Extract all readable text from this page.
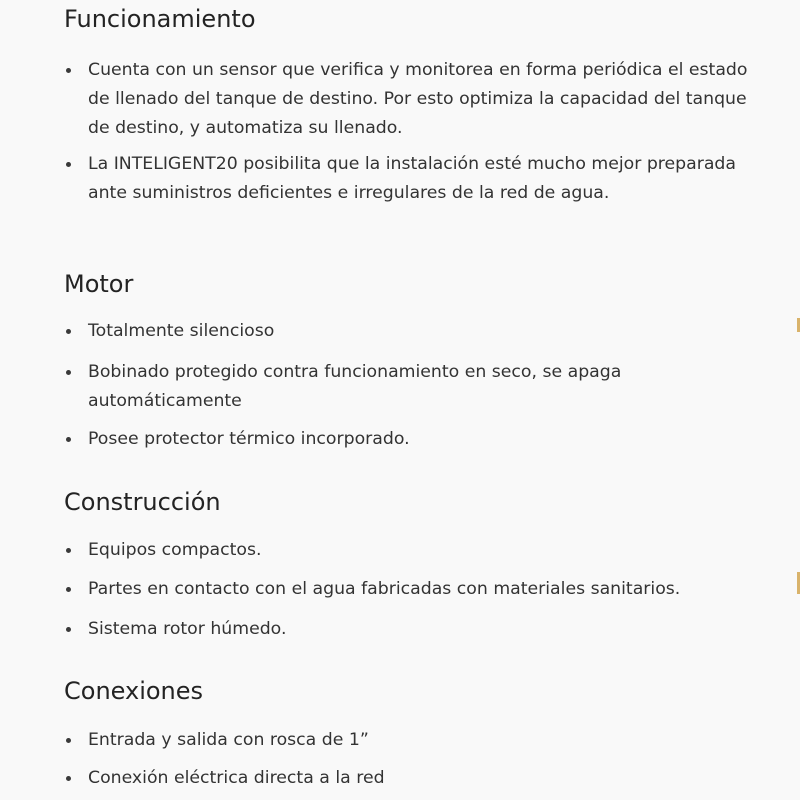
Funcionamiento
Cuenta con un sensor que verifica y monitorea en forma periódica el estado de llenado del tanque de destino. Por esto optimiza la capacidad del tanque de destino, y automatiza su llenado.
La INTELIGENT20 posibilita que la instalación esté mucho mejor preparada ante suministros deficientes e irregulares de la red de agua.
Motor
Totalmente silencioso
Bobinado protegido contra funcionamiento en seco, se apaga automáticamente
Posee protector térmico incorporado.
Construcción
Equipos compactos.
Partes en contacto con el agua fabricadas con materiales sanitarios.
Sistema rotor húmedo.
Conexiones
Entrada y salida con rosca de 1”
Conexión eléctrica directa a la red
